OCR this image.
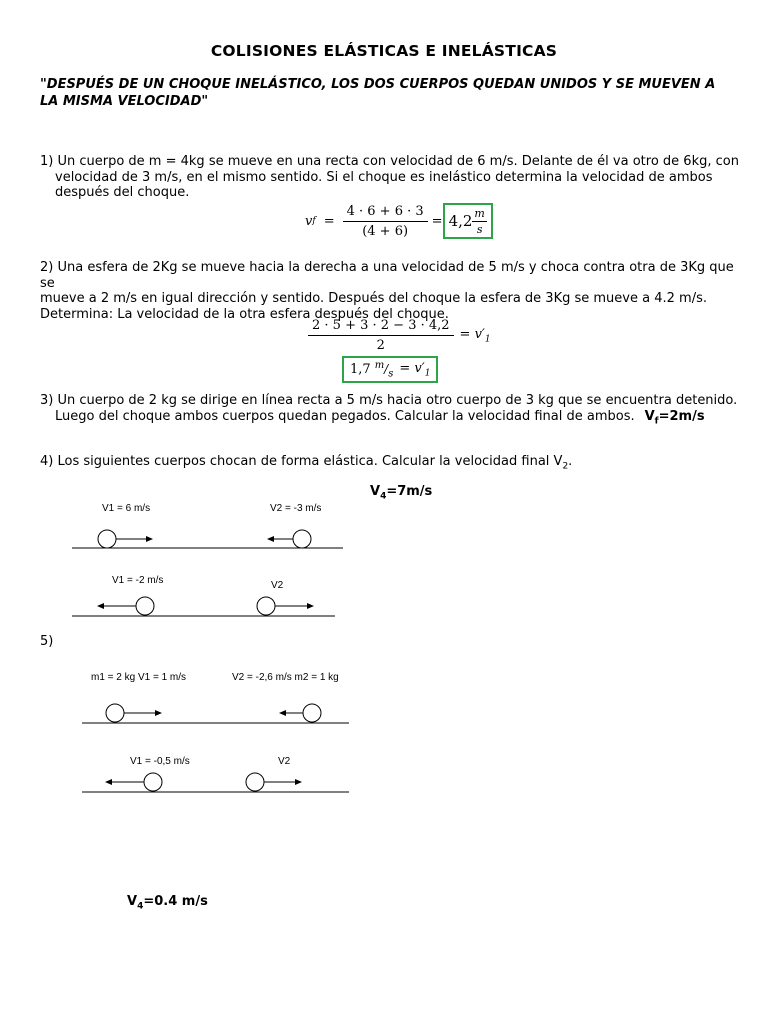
COLISIONES ELÁSTICAS E INELÁSTICAS
"DESPUÉS DE UN CHOQUE INELÁSTICO, LOS DOS CUERPOS QUEDAN UNIDOS Y SE MUEVEN A LA MISMA VELOCIDAD"
1) Un cuerpo de m = 4kg se mueve en una recta con velocidad de 6 m/s. Delante de él va otro de 6kg, con
velocidad de 3 m/s, en el mismo sentido. Si el choque es inelástico determina la velocidad de ambos
después del choque.
v $f = \frac{4 \cdot 6 + 6 \cdot 3}{(4 + 6)} = 4,2 \frac{m}{s}$
2) Una esfera de 2Kg se mueve hacia la derecha a una velocidad de 5 m/s y choca contra otra de 3Kg que se
mueve a 2 m/s en igual dirección y sentido. Después del choque la esfera de 3Kg se mueve a 4.2 m/s.
Determina: La velocidad de la otra esfera después del choque.
$\frac{2 \cdot 5 + 3 \cdot 2 - 3 \cdot 4,2}{2} = v'_1$
1,7 $^m/_s = v'_1$
3) Un cuerpo de 2 kg se dirige en línea recta a 5 m/s hacia otro cuerpo de 3 kg que se encuentra detenido.
Luego del choque ambos cuerpos quedan pegados. Calcular la velocidad final de ambos. $V_f=2m/s$
4) Los siguientes cuerpos chocan de forma elástica. Calcular la velocidad final $V_2$.
$V_4=7m/s$
5)
$V_4=0.4$ m/s
V1 = 6 m/s	V2 = -3 m/s
V1 = -2 m/s	V2
m1 = 2 kg V1 = 1 m/s	V2 = -2,6 m/s m2 = 1 kg
V1 = -0,5 m/s	V2
